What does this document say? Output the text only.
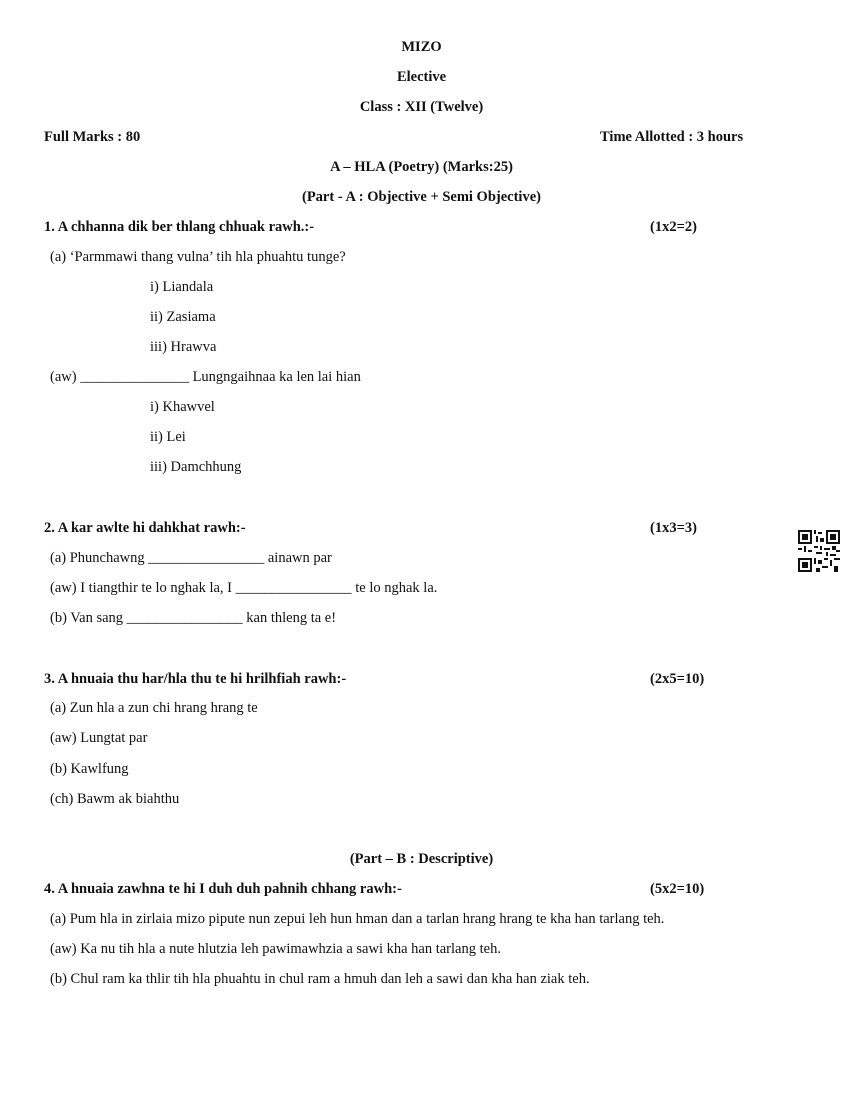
MIZO
Elective
Class : XII (Twelve)
Full Marks : 80	Time Allotted : 3 hours
A – HLA (Poetry) (Marks:25)
(Part - A : Objective + Semi Objective)
1. A chhanna dik ber thlang chhuak rawh.:-	(1x2=2)
(a) ‘Parmmawi thang vulna’ tih hla phuahtu tunge?
i) Liandala
ii) Zasiama
iii) Hrawva
(aw) _______________ Lungngaihnaa ka len lai hian
i) Khawvel
ii) Lei
iii) Damchhung
2. A kar awlte hi dahkhat rawh:-	(1x3=3)
(a) Phunchawng ________________ ainawn par
(aw) I tiangthir te lo nghak la, I ________________ te lo nghak la.
(b) Van sang ________________ kan thleng ta e!
3. A hnuaia thu har/hla thu te hi hrilhfiah rawh:-	(2x5=10)
(a) Zun hla a zun chi hrang hrang te
(aw) Lungtat par
(b) Kawlfung
(ch) Bawm ak biahthu
(Part – B : Descriptive)
4. A hnuaia zawhna te hi I duh duh pahnih chhang rawh:-	(5x2=10)
(a) Pum hla in zirlaia mizo pipute nun zepui leh hun hman dan a tarlan hrang hrang te kha han tarlang teh.
(aw) Ka nu tih hla a nute hlutzia leh pawimawhzia a sawi kha han tarlang teh.
(b) Chul ram ka thlir tih hla phuahtu in chul ram a hmuh dan leh a sawi dan kha han ziak teh.
